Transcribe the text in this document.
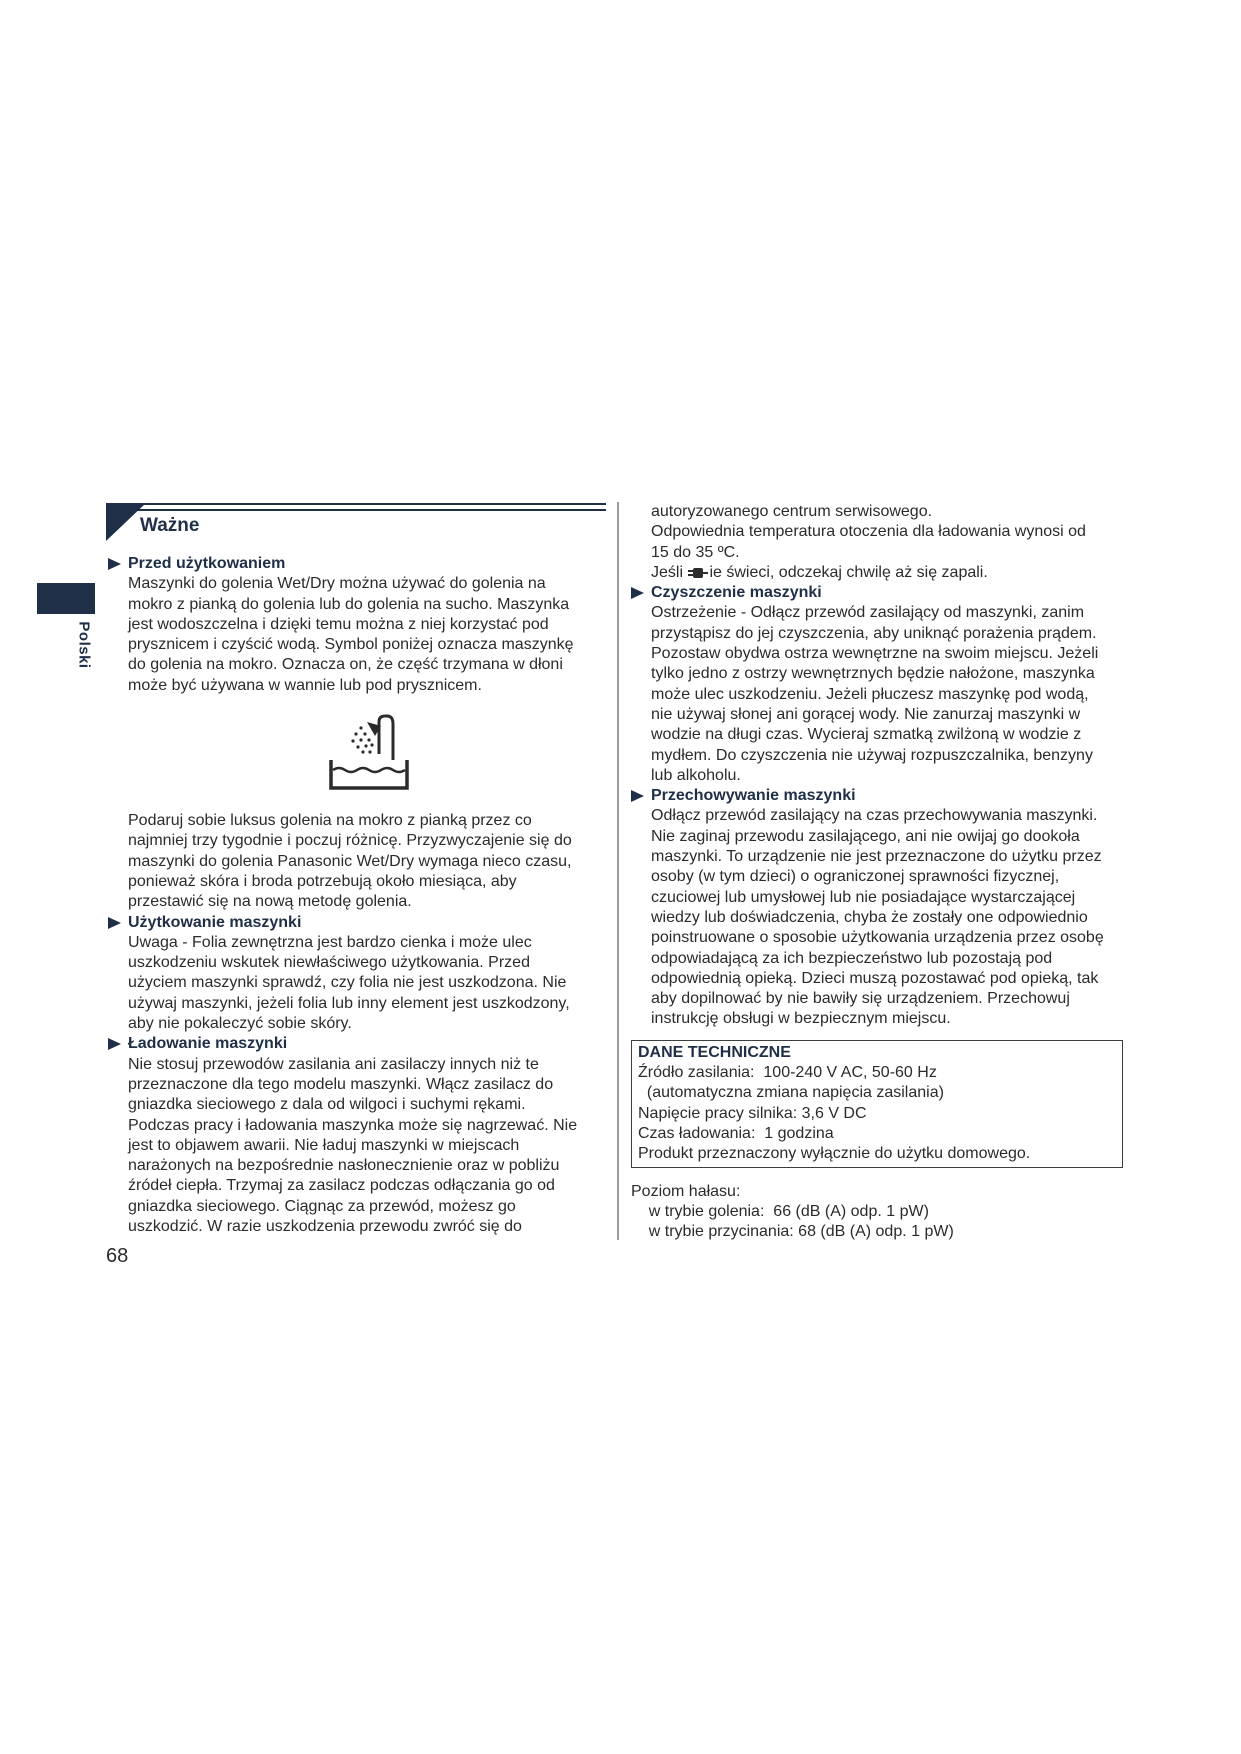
Polski
Ważne
Przed użytkowaniem
Maszynki do golenia Wet/Dry można używać do golenia na
mokro z pianką do golenia lub do golenia na sucho. Maszynka
jest wodoszczelna i dzięki temu można z niej korzystać pod
prysznicem i czyścić wodą. Symbol poniżej oznacza maszynkę
do golenia na mokro. Oznacza on, że część trzymana w dłoni
może być używana w wannie lub pod prysznicem.
Podaruj sobie luksus golenia na mokro z pianką przez co
najmniej trzy tygodnie i poczuj różnicę. Przyzwyczajenie się do
maszynki do golenia Panasonic Wet/Dry wymaga nieco czasu,
ponieważ skóra i broda potrzebują około miesiąca, aby
przestawić się na nową metodę golenia.
Użytkowanie maszynki
Uwaga - Folia zewnętrzna jest bardzo cienka i może ulec
uszkodzeniu wskutek niewłaściwego użytkowania. Przed
użyciem maszynki sprawdź, czy folia nie jest uszkodzona. Nie
używaj maszynki, jeżeli folia lub inny element jest uszkodzony,
aby nie pokaleczyć sobie skóry.
Ładowanie maszynki
Nie stosuj przewodów zasilania ani zasilaczy innych niż te
przeznaczone dla tego modelu maszynki. Włącz zasilacz do
gniazdka sieciowego z dala od wilgoci i suchymi rękami.
Podczas pracy i ładowania maszynka może się nagrzewać. Nie
jest to objawem awarii. Nie ładuj maszynki w miejscach
narażonych na bezpośrednie nasłonecznienie oraz w pobliżu
źródeł ciepła. Trzymaj za zasilacz podczas odłączania go od
gniazdka sieciowego. Ciągnąc za przewód, możesz go
uszkodzić. W razie uszkodzenia przewodu zwróć się do
autoryzowanego centrum serwisowego.
Odpowiednia temperatura otoczenia dla ładowania wynosi od
15 do 35 ºC.
Jeśli ie świeci, odczekaj chwilę aż się zapali.
Czyszczenie maszynki
Ostrzeżenie - Odłącz przewód zasilający od maszynki, zanim
przystąpisz do jej czyszczenia, aby uniknąć porażenia prądem.
Pozostaw obydwa ostrza wewnętrzne na swoim miejscu. Jeżeli
tylko jedno z ostrzy wewnętrznych będzie nałożone, maszynka
może ulec uszkodzeniu. Jeżeli płuczesz maszynkę pod wodą,
nie używaj słonej ani gorącej wody. Nie zanurzaj maszynki w
wodzie na długi czas. Wycieraj szmatką zwilżoną w wodzie z
mydłem. Do czyszczenia nie używaj rozpuszczalnika, benzyny
lub alkoholu.
Przechowywanie maszynki
Odłącz przewód zasilający na czas przechowywania maszynki.
Nie zaginaj przewodu zasilającego, ani nie owijaj go dookoła
maszynki. To urządzenie nie jest przeznaczone do użytku przez
osoby (w tym dzieci) o ograniczonej sprawności fizycznej,
czuciowej lub umysłowej lub nie posiadające wystarczającej
wiedzy lub doświadczenia, chyba że zostały one odpowiednio
poinstruowane o sposobie użytkowania urządzenia przez osobę
odpowiadającą za ich bezpieczeństwo lub pozostają pod
odpowiednią opieką. Dzieci muszą pozostawać pod opieką, tak
aby dopilnować by nie bawiły się urządzeniem. Przechowuj
instrukcję obsługi w bezpiecznym miejscu.
DANE TECHNICZNE
Źródło zasilania:  100-240 V AC, 50-60 Hz
(automatyczna zmiana napięcia zasilania)
Napięcie pracy silnika: 3,6 V DC
Czas ładowania:  1 godzina
Produkt przeznaczony wyłącznie do użytku domowego.
Poziom hałasu:
w trybie golenia:  66 (dB (A) odp. 1 pW)
w trybie przycinania: 68 (dB (A) odp. 1 pW)
68
